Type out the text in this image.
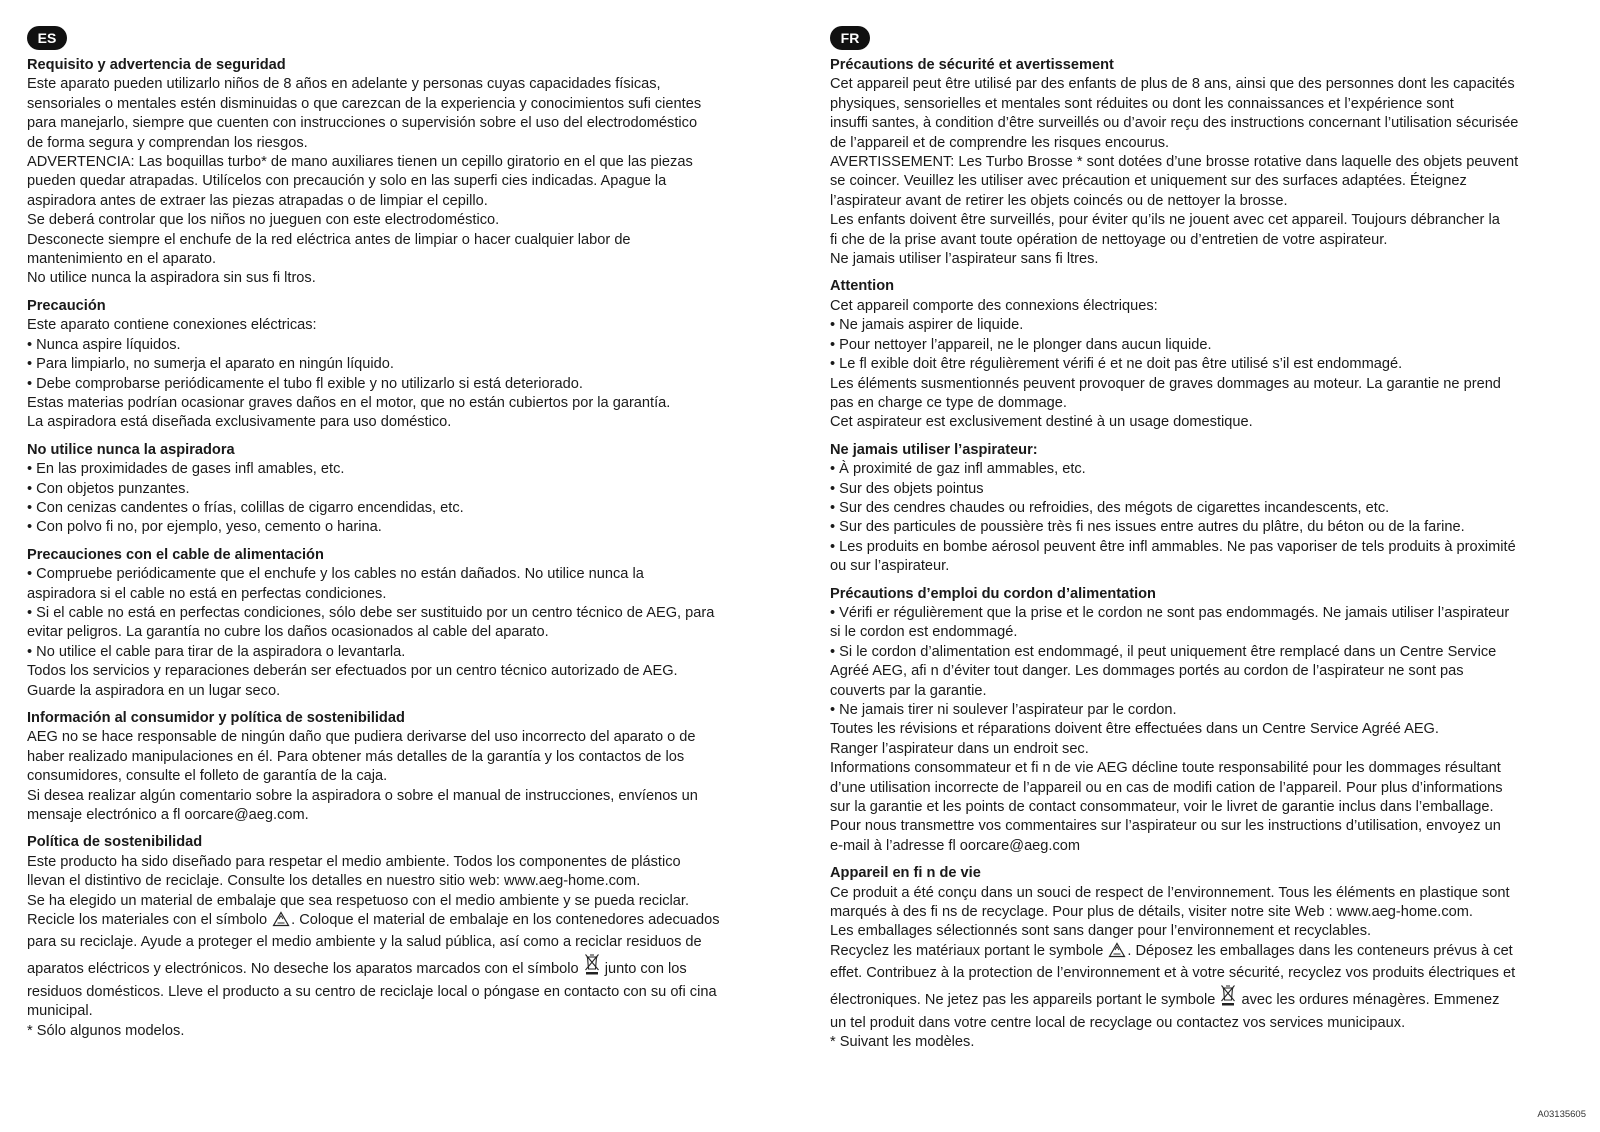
ES
Requisito y advertencia de seguridad
Este aparato pueden utilizarlo niños de 8 años en adelante y personas cuyas capacidades físicas,
sensoriales o mentales estén disminuidas o que carezcan de la experiencia y conocimientos sufi cientes
para manejarlo, siempre que cuenten con instrucciones o supervisión sobre el uso del electrodoméstico
de forma segura y comprendan los riesgos.
ADVERTENCIA: Las boquillas turbo* de mano auxiliares tienen un cepillo giratorio en el que las piezas
pueden quedar atrapadas. Utilícelos con precaución y solo en las superfi cies indicadas. Apague la
aspiradora antes de extraer las piezas atrapadas o de limpiar el cepillo.
Se deberá controlar que los niños no jueguen con este electrodoméstico.
Desconecte siempre el enchufe de la red eléctrica antes de limpiar o hacer cualquier labor de
mantenimiento en el aparato.
No utilice nunca la aspiradora sin sus fi ltros.
Precaución
Este aparato contiene conexiones eléctricas:
• Nunca aspire líquidos.
• Para limpiarlo, no sumerja el aparato en ningún líquido.
• Debe comprobarse periódicamente el tubo fl exible y no utilizarlo si está deteriorado.
Estas materias podrían ocasionar graves daños en el motor, que no están cubiertos por la garantía.
La aspiradora está diseñada exclusivamente para uso doméstico.
No utilice nunca la aspiradora
• En las proximidades de gases infl amables, etc.
• Con objetos punzantes.
• Con cenizas candentes o frías, colillas de cigarro encendidas, etc.
• Con polvo fi no, por ejemplo, yeso, cemento o harina.
Precauciones con el cable de alimentación
• Compruebe periódicamente que el enchufe y los cables no están dañados. No utilice nunca la
aspiradora si el cable no está en perfectas condiciones.
• Si el cable no está en perfectas condiciones, sólo debe ser sustituido por un centro técnico de AEG, para
evitar peligros. La garantía no cubre los daños ocasionados al cable del aparato.
• No utilice el cable para tirar de la aspiradora o levantarla.
Todos los servicios y reparaciones deberán ser efectuados por un centro técnico autorizado de AEG.
Guarde la aspiradora en un lugar seco.
Información al consumidor y política de sostenibilidad
AEG no se hace responsable de ningún daño que pudiera derivarse del uso incorrecto del aparato o de
haber realizado manipulaciones en él. Para obtener más detalles de la garantía y los contactos de los
consumidores, consulte el folleto de garantía de la caja.
Si desea realizar algún comentario sobre la aspiradora o sobre el manual de instrucciones, envíenos un
mensaje electrónico a fl oorcare@aeg.com.
Política de sostenibilidad
Este producto ha sido diseñado para respetar el medio ambiente. Todos los componentes de plástico
llevan el distintivo de reciclaje. Consulte los detalles en nuestro sitio web: www.aeg-home.com.
Se ha elegido un material de embalaje que sea respetuoso con el medio ambiente y se pueda reciclar.
Recicle los materiales con el símbolo . Coloque el material de embalaje en los contenedores adecuados
para su reciclaje. Ayude a proteger el medio ambiente y la salud pública, así como a reciclar residuos de
aparatos eléctricos y electrónicos. No deseche los aparatos marcados con el símbolo junto con los
residuos domésticos. Lleve el producto a su centro de reciclaje local o póngase en contacto con su ofi cina
municipal.
* Sólo algunos modelos.
FR
Précautions de sécurité et avertissement
Cet appareil peut être utilisé par des enfants de plus de 8 ans, ainsi que des personnes dont les capacités
physiques, sensorielles et mentales sont réduites ou dont les connaissances et l’expérience sont
insuffi santes, à condition d’être surveillés ou d’avoir reçu des instructions concernant l’utilisation sécurisée
de l’appareil et de comprendre les risques encourus.
AVERTISSEMENT: Les Turbo Brosse * sont dotées d’une brosse rotative dans laquelle des objets peuvent
se coincer. Veuillez les utiliser avec précaution et uniquement sur des surfaces adaptées. Éteignez
l’aspirateur avant de retirer les objets coincés ou de nettoyer la brosse.
Les enfants doivent être surveillés, pour éviter qu’ils ne jouent avec cet appareil. Toujours débrancher la
fi che de la prise avant toute opération de nettoyage ou d’entretien de votre aspirateur.
Ne jamais utiliser l’aspirateur sans fi ltres.
Attention
Cet appareil comporte des connexions électriques:
• Ne jamais aspirer de liquide.
• Pour nettoyer l’appareil, ne le plonger dans aucun liquide.
• Le fl exible doit être régulièrement vérifi é et ne doit pas être utilisé s’il est endommagé.
Les éléments susmentionnés peuvent provoquer de graves dommages au moteur. La garantie ne prend
pas en charge ce type de dommage.
Cet aspirateur est exclusivement destiné à un usage domestique.
Ne jamais utiliser l’aspirateur:
• À proximité de gaz infl ammables, etc.
• Sur des objets pointus
• Sur des cendres chaudes ou refroidies, des mégots de cigarettes incandescents, etc.
• Sur des particules de poussière très fi nes issues entre autres du plâtre, du béton ou de la farine.
• Les produits en bombe aérosol peuvent être infl ammables. Ne pas vaporiser de tels produits à proximité
ou sur l’aspirateur.
Précautions d’emploi du cordon d’alimentation
• Vérifi er régulièrement que la prise et le cordon ne sont pas endommagés. Ne jamais utiliser l’aspirateur
si le cordon est endommagé.
• Si le cordon d’alimentation est endommagé, il peut uniquement être remplacé dans un Centre Service
Agréé AEG, afi n d’éviter tout danger. Les dommages portés au cordon de l’aspirateur ne sont pas
couverts par la garantie.
• Ne jamais tirer ni soulever l’aspirateur par le cordon.
Toutes les révisions et réparations doivent être effectuées dans un Centre Service Agréé AEG.
Ranger l’aspirateur dans un endroit sec.
Informations consommateur et fi n de vie AEG décline toute responsabilité pour les dommages résultant
d’une utilisation incorrecte de l’appareil ou en cas de modifi cation de l’appareil. Pour plus d’informations
sur la garantie et les points de contact consommateur, voir le livret de garantie inclus dans l’emballage.
Pour nous transmettre vos commentaires sur l’aspirateur ou sur les instructions d’utilisation, envoyez un
e-mail à l’adresse fl oorcare@aeg.com
Appareil en fi n de vie
Ce produit a été conçu dans un souci de respect de l’environnement. Tous les éléments en plastique sont
marqués à des fi ns de recyclage. Pour plus de détails, visiter notre site Web : www.aeg-home.com.
Les emballages sélectionnés sont sans danger pour l’environnement et recyclables.
Recyclez les matériaux portant le symbole . Déposez les emballages dans les conteneurs prévus à cet
effet. Contribuez à la protection de l’environnement et à votre sécurité, recyclez vos produits électriques et
électroniques. Ne jetez pas les appareils portant le symbole avec les ordures ménagères. Emmenez
un tel produit dans votre centre local de recyclage ou contactez vos services municipaux.
* Suivant les modèles.
A03135605
